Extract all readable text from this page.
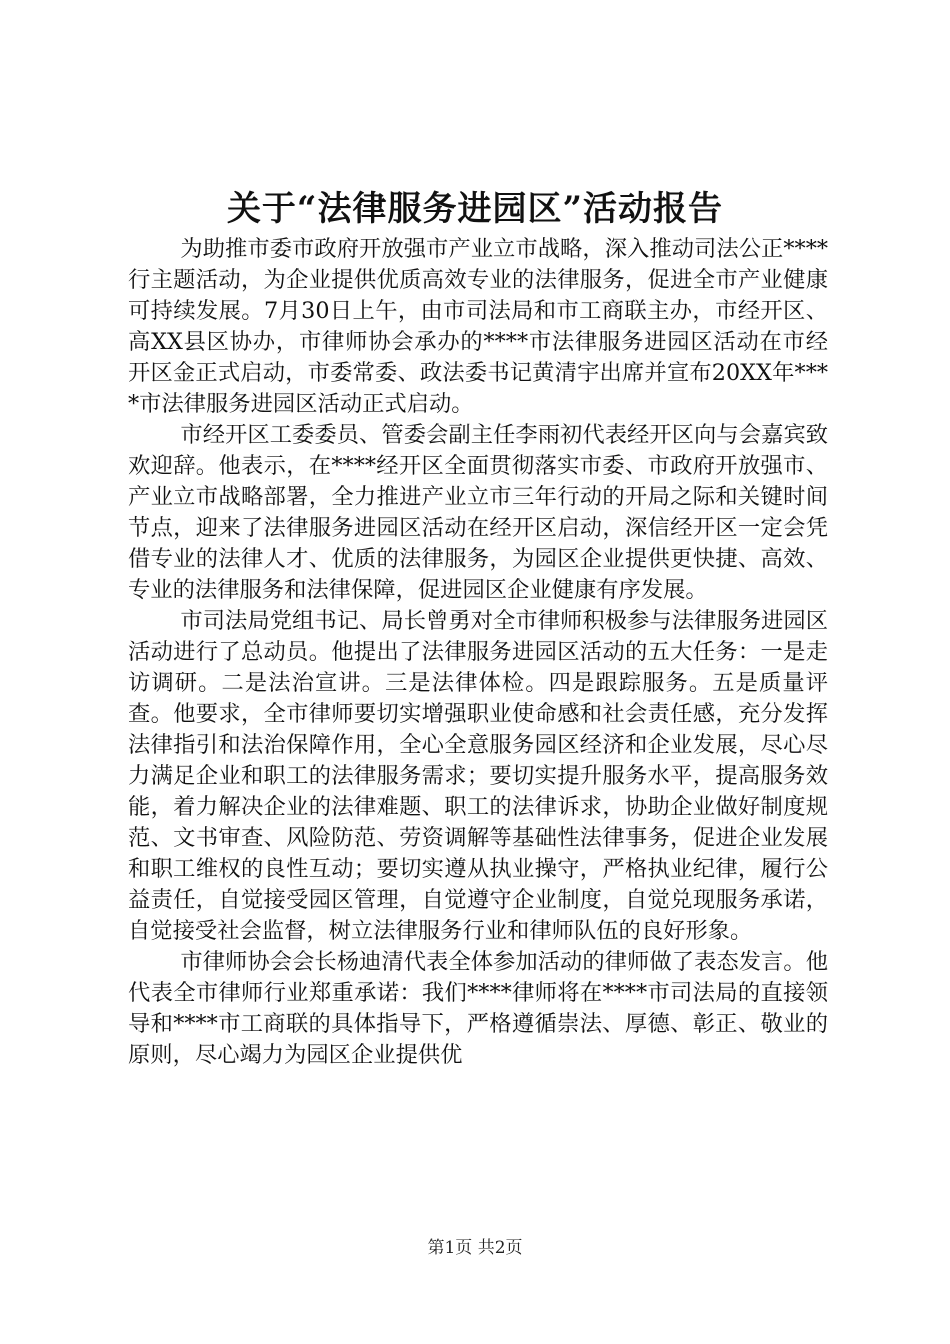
关于“法律服务进园区”活动报告

为助推市委市政府开放强市产业立市战略，深入推动司法公正****行主题活动，为企业提供优质高效专业的法律服务，促进全市产业健康可持续发展。7月30日上午，由市司法局和市工商联主办，市经开区、高XX县区协办，市律师协会承办的****市法律服务进园区活动在市经开区金正式启动，市委常委、政法委书记黄清宇出席并宣布20XX年****市法律服务进园区活动正式启动。

市经开区工委委员、管委会副主任李雨初代表经开区向与会嘉宾致欢迎辞。他表示，在****经开区全面贯彻落实市委、市政府开放强市、产业立市战略部署，全力推进产业立市三年行动的开局之际和关键时间节点，迎来了法律服务进园区活动在经开区启动，深信经开区一定会凭借专业的法律人才、优质的法律服务，为园区企业提供更快捷、高效、专业的法律服务和法律保障，促进园区企业健康有序发展。

市司法局党组书记、局长曾勇对全市律师积极参与法律服务进园区活动进行了总动员。他提出了法律服务进园区活动的五大任务：一是走访调研。二是法治宣讲。三是法律体检。四是跟踪服务。五是质量评查。他要求，全市律师要切实增强职业使命感和社会责任感，充分发挥法律指引和法治保障作用，全心全意服务园区经济和企业发展，尽心尽力满足企业和职工的法律服务需求；要切实提升服务水平，提高服务效能，着力解决企业的法律难题、职工的法律诉求，协助企业做好制度规范、文书审查、风险防范、劳资调解等基础性法律事务，促进企业发展和职工维权的良性互动；要切实遵从执业操守，严格执业纪律，履行公益责任，自觉接受园区管理，自觉遵守企业制度，自觉兑现服务承诺，自觉接受社会监督，树立法律服务行业和律师队伍的良好形象。

市律师协会会长杨迪清代表全体参加活动的律师做了表态发言。他代表全市律师行业郑重承诺：我们****律师将在****市司法局的直接领导和****市工商联的具体指导下，严格遵循崇法、厚德、彰正、敬业的原则，尽心竭力为园区企业提供优

第1页 共2页
